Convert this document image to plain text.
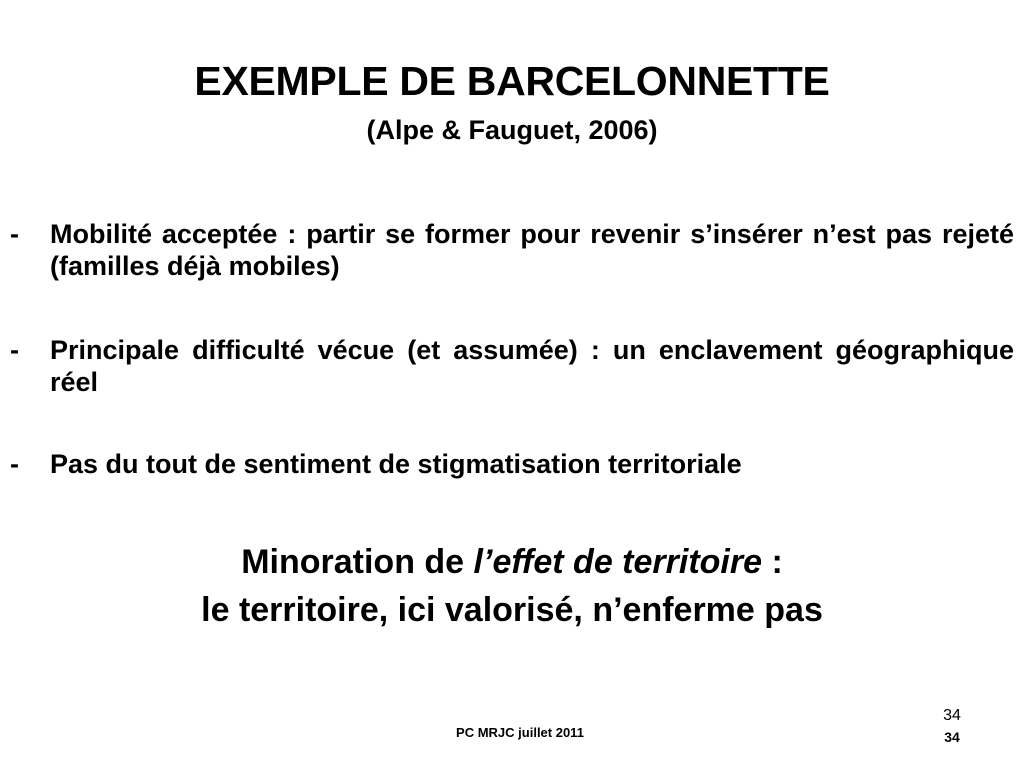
EXEMPLE DE BARCELONNETTE
(Alpe & Fauguet, 2006)
- Mobilité acceptée : partir se former pour revenir s’insérer n’est pas rejeté (familles déjà mobiles)
- Principale difficulté vécue (et assumée) : un enclavement géographique réel
- Pas du tout de sentiment de stigmatisation territoriale
Minoration de l’effet de territoire :
le territoire, ici valorisé, n’enferme pas
PC MRJC juillet 2011
34
34
